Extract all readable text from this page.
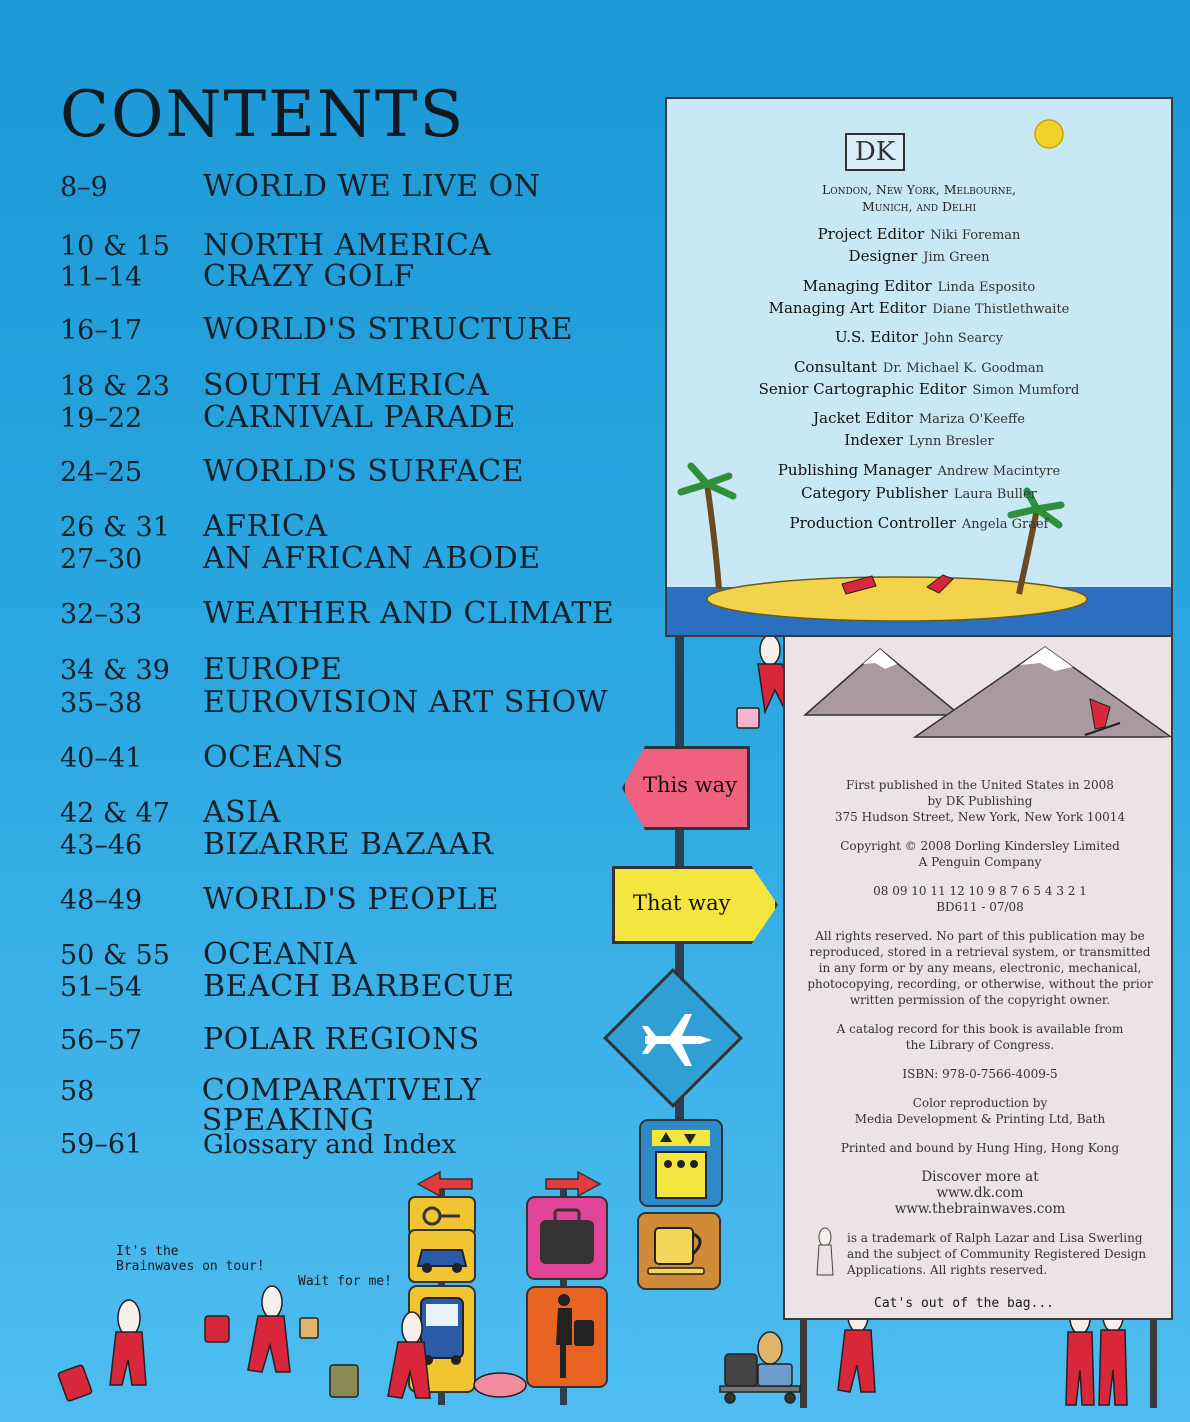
CONTENTS
8–9	WORLD WE LIVE ON
10 & 15	NORTH AMERICA
11–14	CRAZY GOLF
16–17	WORLD'S STRUCTURE
18 & 23	SOUTH AMERICA
19–22	CARNIVAL PARADE
24–25	WORLD'S SURFACE
26 & 31	AFRICA
27–30	AN AFRICAN ABODE
32–33	WEATHER AND CLIMATE
34 & 39	EUROPE
35–38	EUROVISION ART SHOW
40–41	OCEANS
42 & 47	ASIA
43–46	BIZARRE BAZAAR
48–49	WORLD'S PEOPLE
50 & 55	OCEANIA
51–54	BEACH BARBECUE
56–57	POLAR REGIONS
58	COMPARATIVELY SPEAKING
59–61	Glossary and Index
DK
London, New York, Melbourne,
Munich, and Delhi
Project Editor Niki Foreman
Designer Jim Green
Managing Editor Linda Esposito
Managing Art Editor Diane Thistlethwaite
U.S. Editor John Searcy
Consultant Dr. Michael K. Goodman
Senior Cartographic Editor Simon Mumford
Jacket Editor Mariza O'Keeffe
Indexer Lynn Bresler
Publishing Manager Andrew Macintyre
Category Publisher Laura Buller
Production Controller Angela Graef

First published in the United States in 2008
by DK Publishing
375 Hudson Street, New York, New York 10014

Copyright © 2008 Dorling Kindersley Limited
A Penguin Company

08 09 10 11 12 10 9 8 7 6 5 4 3 2 1
BD611 - 07/08

All rights reserved. No part of this publication may be
reproduced, stored in a retrieval system, or transmitted
in any form or by any means, electronic, mechanical,
photocopying, recording, or otherwise, without the prior
written permission of the copyright owner.

A catalog record for this book is available from
the Library of Congress.

ISBN: 978-0-7566-4009-5

Color reproduction by
Media Development & Printing Ltd, Bath

Printed and bound by Hung Hing, Hong Kong

Discover more at
www.dk.com
www.thebrainwaves.com

is a trademark of Ralph Lazar and Lisa Swerling
and the subject of Community Registered Design
Applications. All rights reserved.

This way
That way
It's the
Brainwaves on tour!
Wait for me!
Cat's out of the bag...
